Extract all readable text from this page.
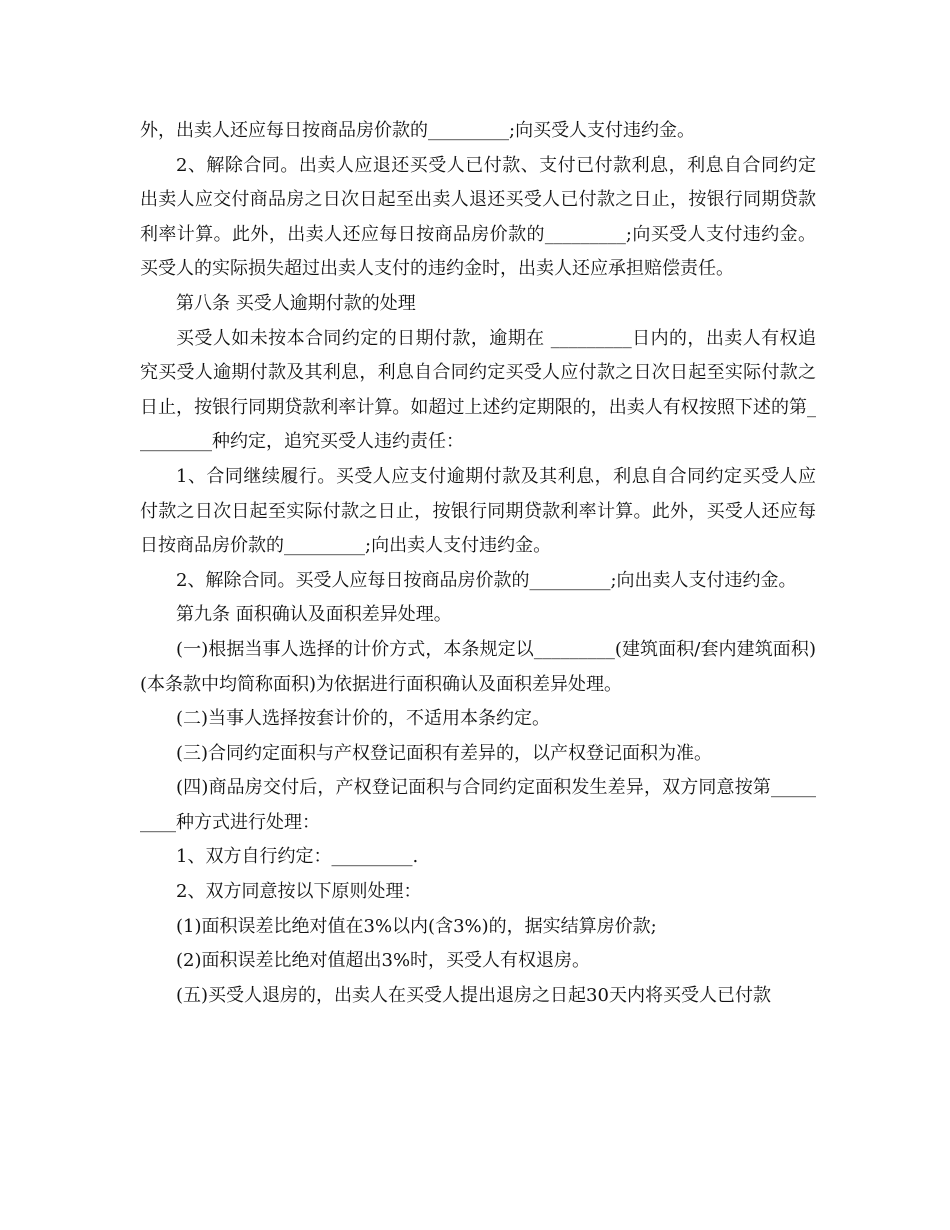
外，出卖人还应每日按商品房价款的_________;向买受人支付违约金。

2、解除合同。出卖人应退还买受人已付款、支付已付款利息，利息自合同约定出卖人应交付商品房之日次日起至出卖人退还买受人已付款之日止，按银行同期贷款利率计算。此外，出卖人还应每日按商品房价款的_________;向买受人支付违约金。买受人的实际损失超过出卖人支付的违约金时，出卖人还应承担赔偿责任。

第八条 买受人逾期付款的处理

买受人如未按本合同约定的日期付款，逾期在 _________日内的，出卖人有权追究买受人逾期付款及其利息，利息自合同约定买受人应付款之日次日起至实际付款之日止，按银行同期贷款利率计算。如超过上述约定期限的，出卖人有权按照下述的第_________种约定，追究买受人违约责任：

1、合同继续履行。买受人应支付逾期付款及其利息，利息自合同约定买受人应付款之日次日起至实际付款之日止，按银行同期贷款利率计算。此外，买受人还应每日按商品房价款的_________;向出卖人支付违约金。

2、解除合同。买受人应每日按商品房价款的_________;向出卖人支付违约金。

第九条 面积确认及面积差异处理。

(一)根据当事人选择的计价方式，本条规定以_________(建筑面积/套内建筑面积)(本条款中均简称面积)为依据进行面积确认及面积差异处理。

(二)当事人选择按套计价的，不适用本条约定。

(三)合同约定面积与产权登记面积有差异的，以产权登记面积为准。

(四)商品房交付后，产权登记面积与合同约定面积发生差异，双方同意按第_________种方式进行处理：

1、双方自行约定：_________.

2、双方同意按以下原则处理：

(1)面积误差比绝对值在3%以内(含3%)的，据实结算房价款;

(2)面积误差比绝对值超出3%时，买受人有权退房。

(五)买受人退房的，出卖人在买受人提出退房之日起30天内将买受人已付款
